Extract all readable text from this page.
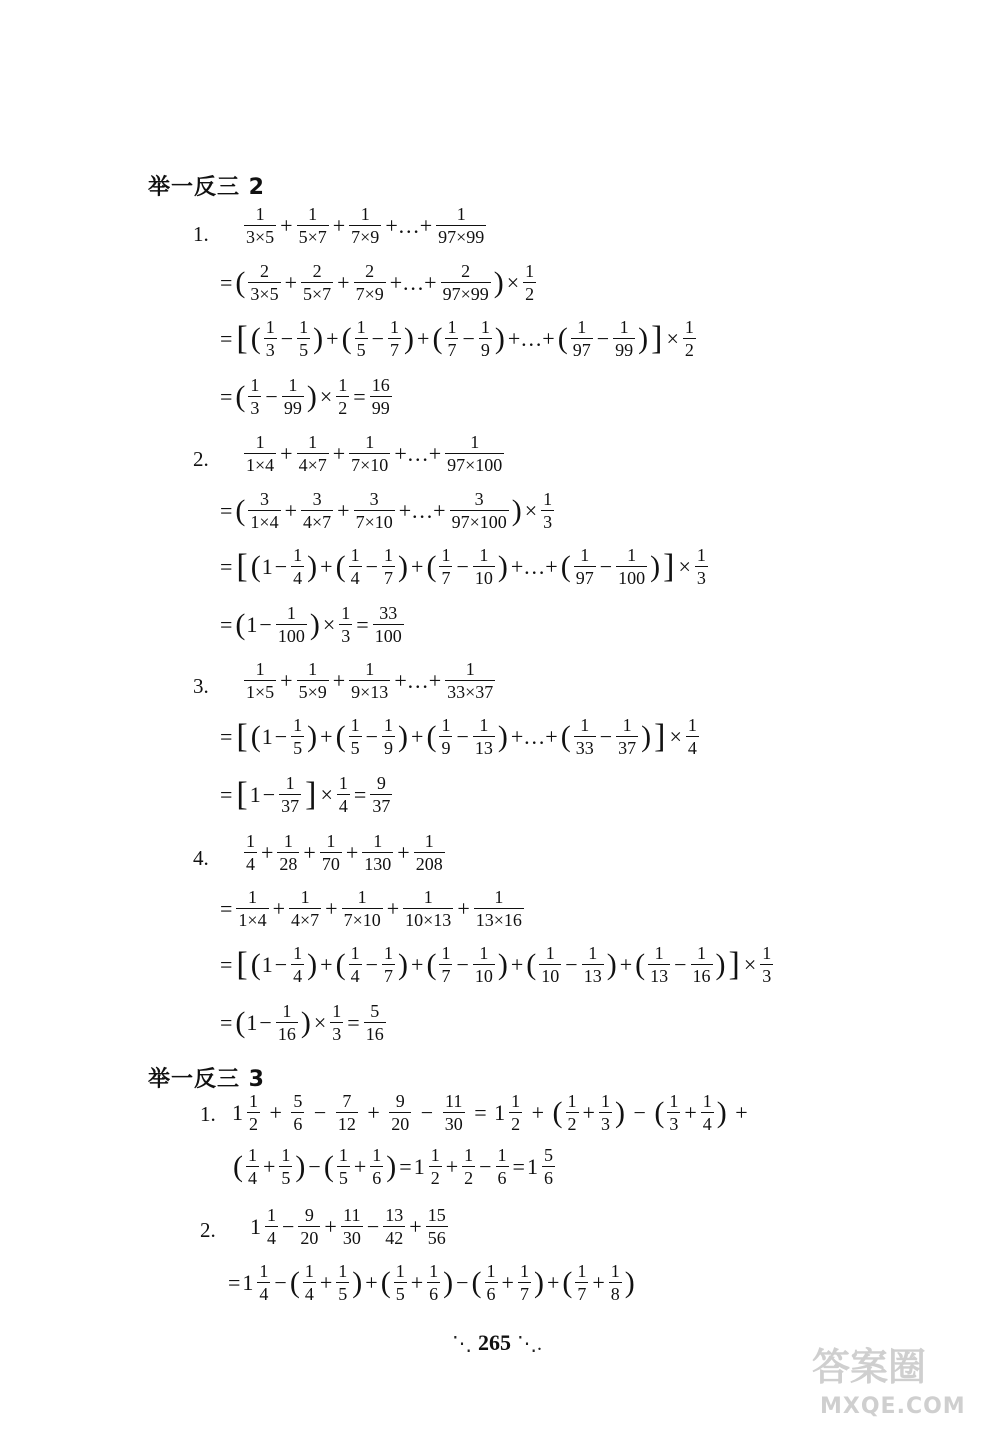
举一反三 2
1. $\frac{1}{3\times 5} + \frac{1}{5\times 7} + \frac{1}{7\times 9}$ +…+ $\frac{1}{97\times 99}$
= ( $\frac{2}{3\times 5} + \frac{2}{5\times 7} + \frac{2}{7\times 9}$ +…+ $\frac{2}{97\times 99}$ ) × $\frac{1}{2}$
= [ ( $\frac{1}{3} - \frac{1}{5}$ ) + ( $\frac{1}{5} - \frac{1}{7}$ ) + ( $\frac{1}{7} - \frac{1}{9}$ ) +…+ ( $\frac{1}{97} - \frac{1}{99}$ ) ] × $\frac{1}{2}$
= ( $\frac{1}{3} - \frac{1}{99}$ ) × $\frac{1}{2} = \frac{16}{99}$
2. $\frac{1}{1\times 4} + \frac{1}{4\times 7} + \frac{1}{7\times 10}$ +…+ $\frac{1}{97\times 100}$
= ( $\frac{3}{1\times 4} + \frac{3}{4\times 7} + \frac{3}{7\times 10}$ +…+ $\frac{3}{97\times 100}$ ) × $\frac{1}{3}$
= [ ( $1 - \frac{1}{4}$ ) + ( $\frac{1}{4} - \frac{1}{7}$ ) + ( $\frac{1}{7} - \frac{1}{10}$ ) +…+ ( $\frac{1}{97} - \frac{1}{100}$ ) ] × $\frac{1}{3}$
= ( $1 - \frac{1}{100}$ ) × $\frac{1}{3} = \frac{33}{100}$
3. $\frac{1}{1\times 5} + \frac{1}{5\times 9} + \frac{1}{9\times 13}$ +…+ $\frac{1}{33\times 37}$
= [ ( $1 - \frac{1}{5}$ ) + ( $\frac{1}{5} - \frac{1}{9}$ ) + ( $\frac{1}{9} - \frac{1}{13}$ ) +…+ ( $\frac{1}{33} - \frac{1}{37}$ ) ] × $\frac{1}{4}$
= [ $1 - \frac{1}{37}$ ] × $\frac{1}{4} = \frac{9}{37}$
4. $\frac{1}{4} + \frac{1}{28} + \frac{1}{70} + \frac{1}{130} + \frac{1}{208}$
= $\frac{1}{1\times 4} + \frac{1}{4\times 7} + \frac{1}{7\times 10} + \frac{1}{10\times 13} + \frac{1}{13\times 16}$
= [ ( $1 - \frac{1}{4}$ ) + ( $\frac{1}{4} - \frac{1}{7}$ ) + ( $\frac{1}{7} - \frac{1}{10}$ ) + ( $\frac{1}{10} - \frac{1}{13}$ ) + ( $\frac{1}{13} - \frac{1}{16}$ ) ] × $\frac{1}{3}$
= ( $1 - \frac{1}{16}$ ) × $\frac{1}{3} = \frac{5}{16}$
举一反三 3
1. $1 \frac{1}{2} + \frac{5}{6} - \frac{7}{12} + \frac{9}{20} - \frac{11}{30} = 1 \frac{1}{2}$ + ( $\frac{1}{2} + \frac{1}{3}$ ) − ( $\frac{1}{3} + \frac{1}{4}$ ) +
( $\frac{1}{4} + \frac{1}{5}$ ) − ( $\frac{1}{5} + \frac{1}{6}$ ) = $1 \frac{1}{2} + \frac{1}{2} - \frac{1}{6} = 1 \frac{5}{6}$
2. $1 \frac{1}{4} - \frac{9}{20} + \frac{11}{30} - \frac{13}{42} + \frac{15}{56}$
= $1 \frac{1}{4}$ − ( $\frac{1}{4} + \frac{1}{5}$ ) + ( $\frac{1}{5} + \frac{1}{6}$ ) − ( $\frac{1}{6} + \frac{1}{7}$ ) + ( $\frac{1}{7} + \frac{1}{8}$ )
⋱ 265 ⋱.
答案圈
MXQE.COM
